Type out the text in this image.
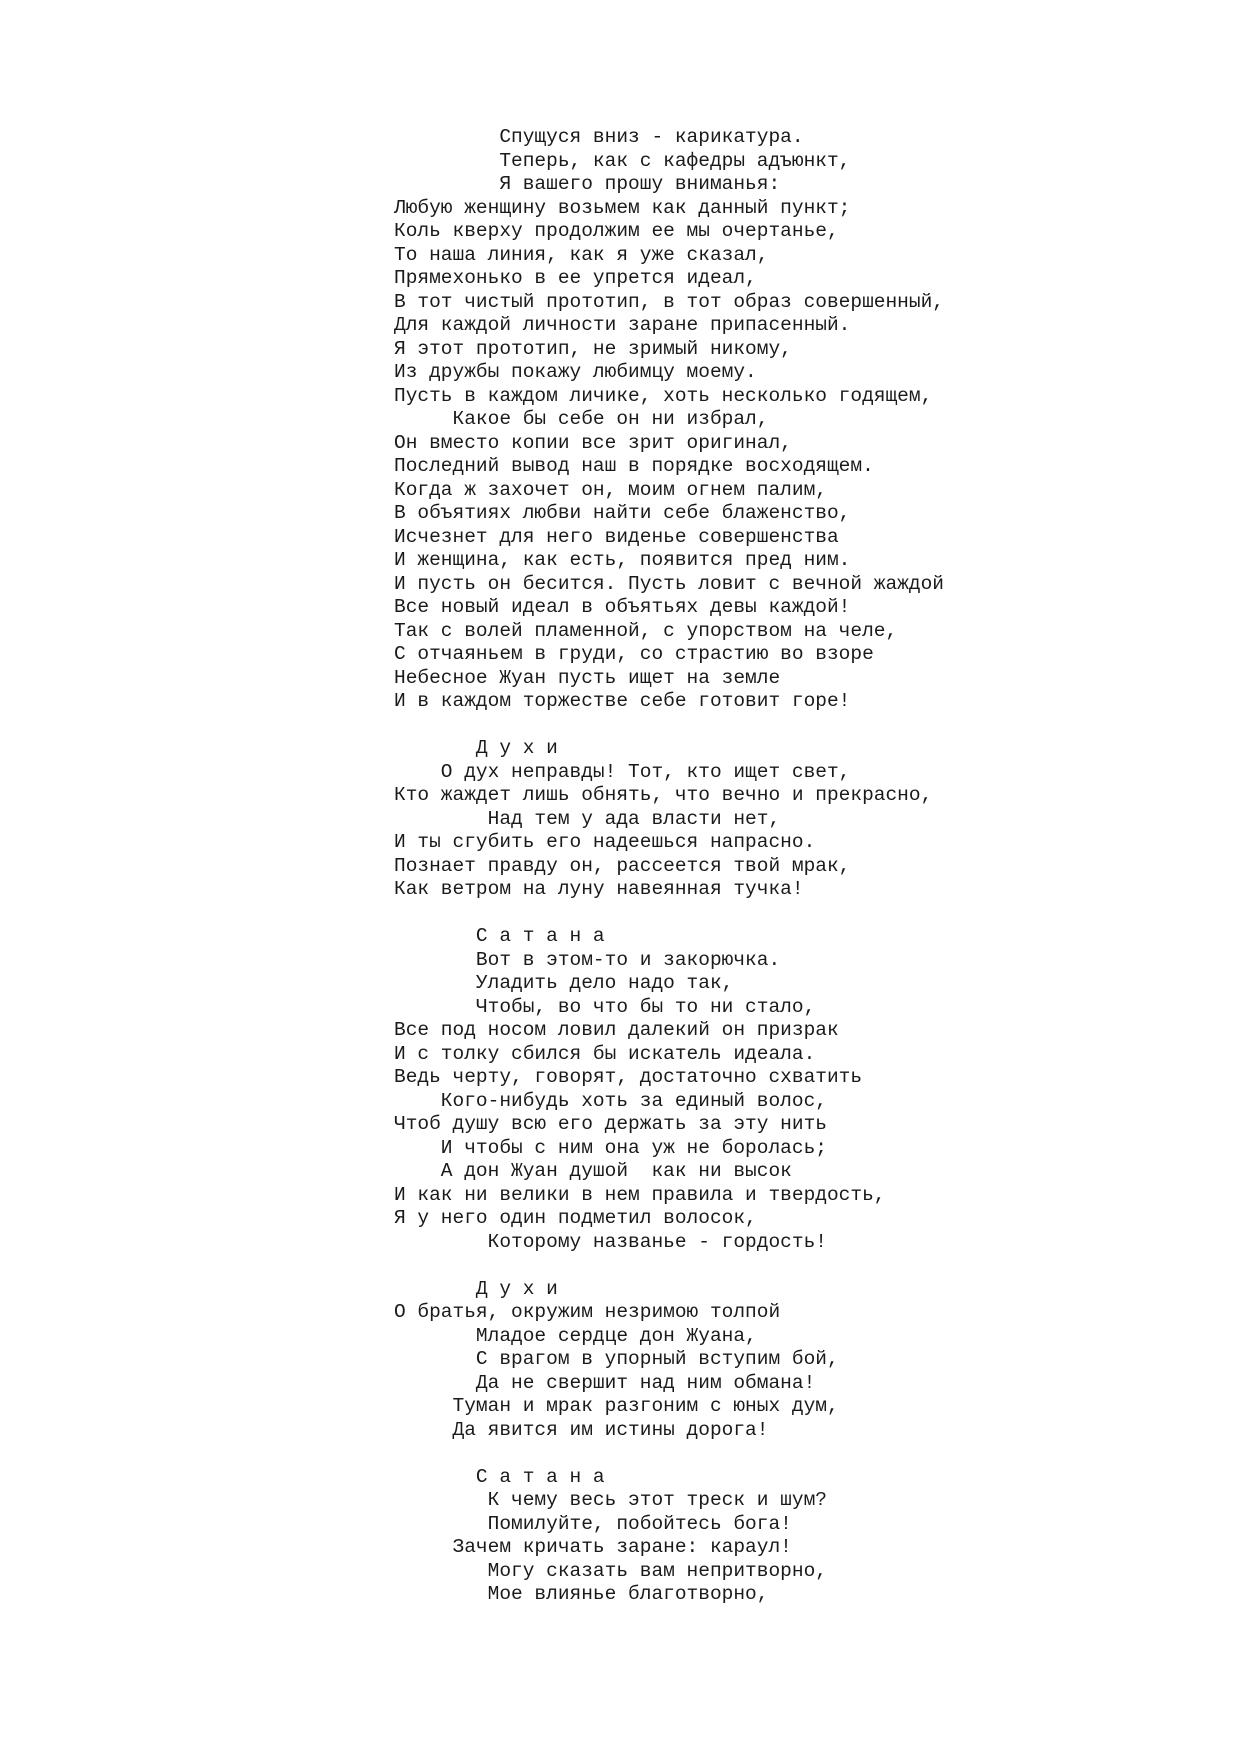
Спущуся вниз - карикатура.
Теперь, как с кафедры адъюнкт,
Я вашего прошу вниманья:
Любую женщину возьмем как данный пункт;
Коль кверху продолжим ее мы очертанье,
То наша линия, как я уже сказал,
Прямехонько в ее упрется идеал,
В тот чистый прототип, в тот образ совершенный,
Для каждой личности заране припасенный.
Я этот прототип, не зримый никому,
Из дружбы покажу любимцу моему.
Пусть в каждом личике, хоть несколько годящем,
Какое бы себе он ни избрал,
Он вместо копии все зрит оригинал,
Последний вывод наш в порядке восходящем.
Когда ж захочет он, моим огнем палим,
В объятиях любви найти себе блаженство,
Исчезнет для него виденье совершенства
И женщина, как есть, появится пред ним.
И пусть он бесится. Пусть ловит с вечной жаждой
Все новый идеал в объятьях девы каждой!
Так с волей пламенной, с упорством на челе,
С отчаяньем в груди, со страстию во взоре
Небесное Жуан пусть ищет на земле
И в каждом торжестве себе готовит горе!
Д у х и
О дух неправды! Тот, кто ищет свет,
Кто жаждет лишь обнять, что вечно и прекрасно,
Над тем у ада власти нет,
И ты сгубить его надеешься напрасно.
Познает правду он, рассеется твой мрак,
Как ветром на луну навеянная тучка!
С а т а н а
Вот в этом-то и закорючка.
Уладить дело надо так,
Чтобы, во что бы то ни стало,
Все под носом ловил далекий он призрак
И с толку сбился бы искатель идеала.
Ведь черту, говорят, достаточно схватить
Кого-нибудь хоть за единый волос,
Чтоб душу всю его держать за эту нить
И чтобы с ним она уж не боролась;
А дон Жуан душой  как ни высок
И как ни велики в нем правила и твердость,
Я у него один подметил волосок,
Которому названье - гордость!
Д у х и
О братья, окружим незримою толпой
Младое сердце дон Жуана,
С врагом в упорный вступим бой,
Да не свершит над ним обмана!
Туман и мрак разгоним с юных дум,
Да явится им истины дорога!
С а т а н а
К чему весь этот треск и шум?
Помилуйте, побойтесь бога!
Зачем кричать заране: караул!
Могу сказать вам непритворно,
Мое влиянье благотворно,
